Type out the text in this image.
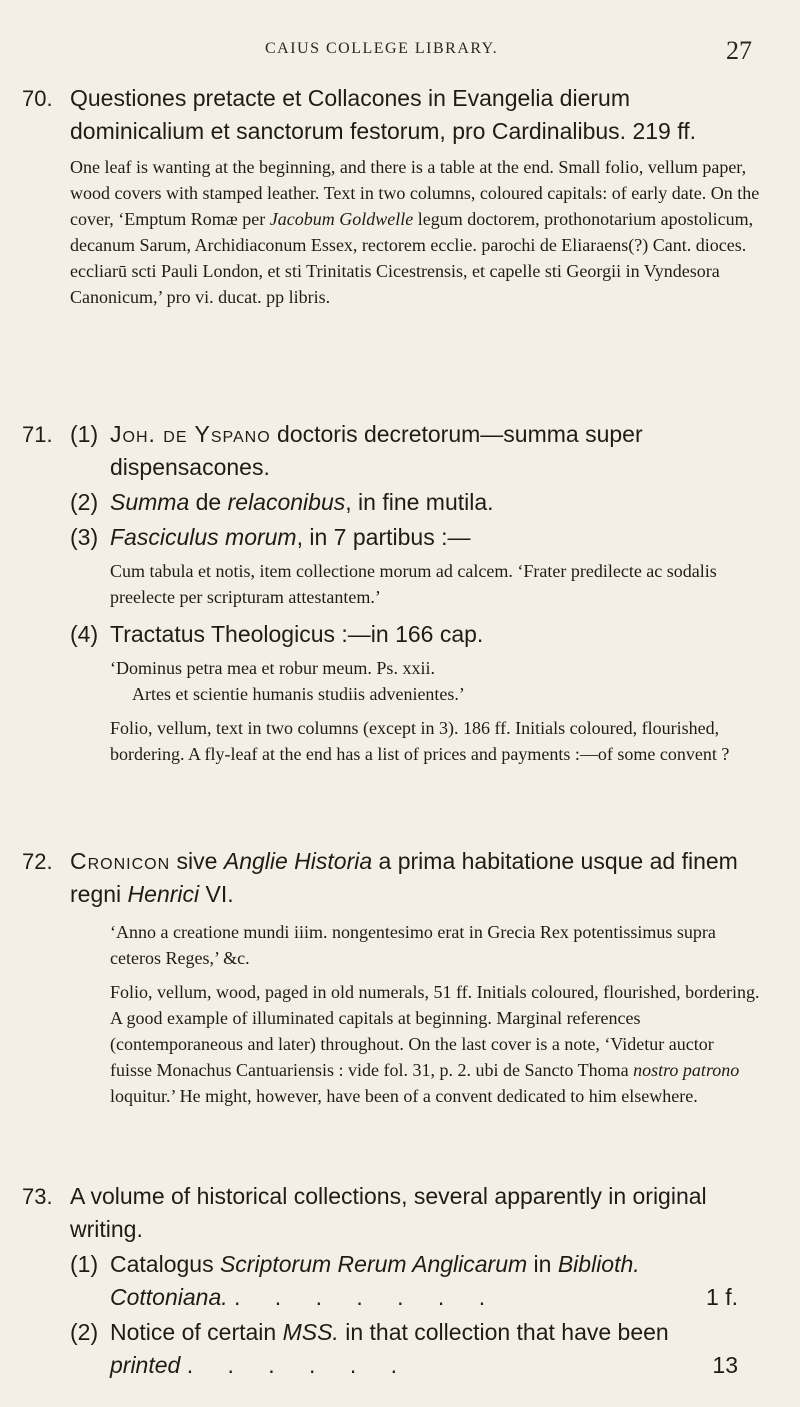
CAIUS COLLEGE LIBRARY.	27
70. Questiones pretacte et Collacones in Evangelia dierum dominicalium et sanctorum festorum, pro Cardinalibus. 219 ff.

One leaf is wanting at the beginning, and there is a table at the end. Small folio, vellum paper, wood covers with stamped leather. Text in two columns, coloured capitals: of early date. On the cover, ‘Emptum Romæ per Jacobum Goldwelle legum doctorem, prothonotarium apostolicum, decanum Sarum, Archidiaconum Essex, rectorem ecclie. parochi de Eliaraens(?) Cant. dioces. eccliarū scti Pauli London, et sti Trinitatis Cicestrensis, et capelle sti Georgii in Vyndesora Canonicum,’ pro vi. ducat. pp libris.

71. (1) Joh. de Yspano doctoris decretorum—summa super dispensacones.

(2) Summa de relaconibus, in fine mutila.

(3) Fasciculus morum, in 7 partibus :—

Cum tabula et notis, item collectione morum ad calcem. ‘Frater predilecte ac sodalis preelecte per scripturam attestantem.’

(4) Tractatus Theologicus :—in 166 cap.

‘Dominus petra mea et robur meum. Ps. xxii.

Artes et scientie humanis studiis advenientes.’

Folio, vellum, text in two columns (except in 3). 186 ff. Initials coloured, flourished, bordering. A fly-leaf at the end has a list of prices and payments :—of some convent ?

72. Cronicon sive Anglie Historia a prima habitatione usque ad finem regni Henrici VI.

‘Anno a creatione mundi iiim. nongentesimo erat in Grecia Rex potentissimus supra ceteros Reges,’ &c.

Folio, vellum, wood, paged in old numerals, 51 ff. Initials coloured, flourished, bordering. A good example of illuminated capitals at beginning. Marginal references (contemporaneous and later) throughout. On the last cover is a note, ‘Videtur auctor fuisse Monachus Cantuariensis : vide fol. 31, p. 2. ubi de Sancto Thoma nostro patrono loquitur.’ He might, however, have been of a convent dedicated to him elsewhere.

73. A volume of historical collections, several apparently in original writing.

(1) Catalogus Scriptorum Rerum Anglicarum in Biblioth. Cottoniana. . . . . . . .	1 f.
(2) Notice of certain MSS. in that collection that have been printed . . . . . .	13
